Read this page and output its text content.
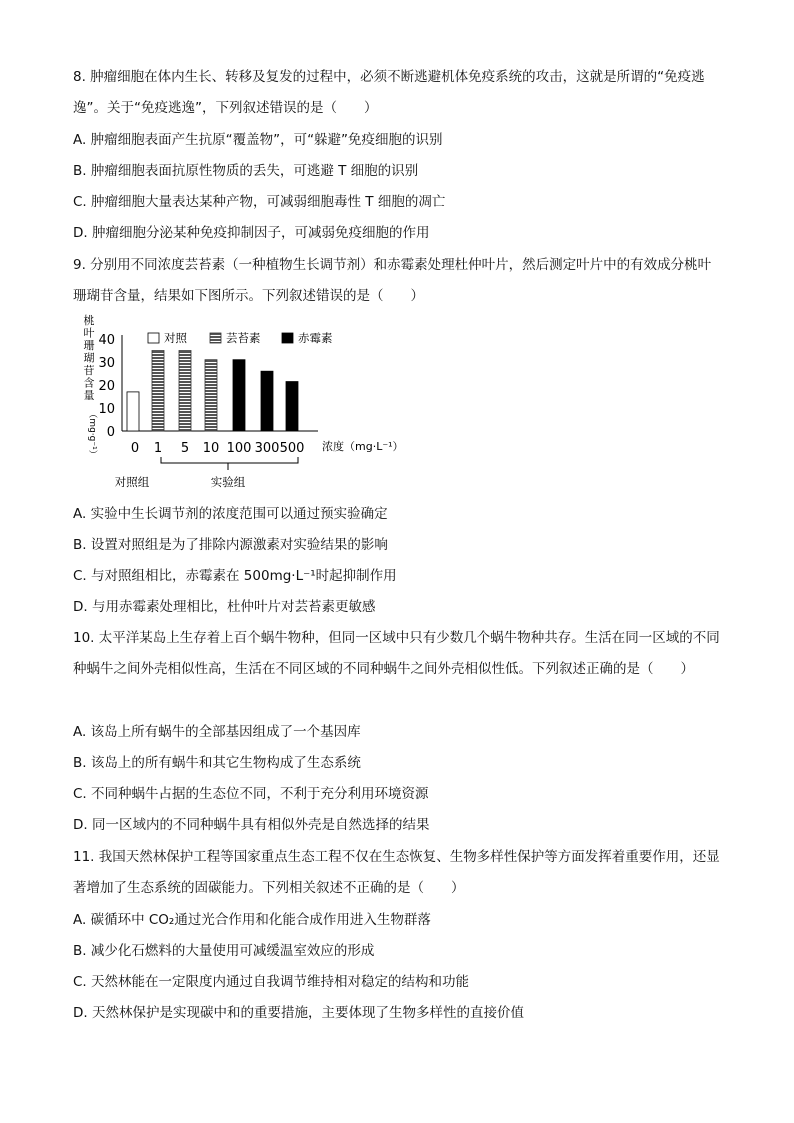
8. 肿瘤细胞在体内生长、转移及复发的过程中，必须不断逃避机体免疫系统的攻击，这就是所谓的“免疫逃逸”。关于“免疫逃逸”，下列叙述错误的是（　　）
A. 肿瘤细胞表面产生抗原“覆盖物”，可“躲避”免疫细胞的识别
B. 肿瘤细胞表面抗原性物质的丢失，可逃避 T 细胞的识别
C. 肿瘤细胞大量表达某种产物，可减弱细胞毒性 T 细胞的凋亡
D. 肿瘤细胞分泌某种免疫抑制因子，可减弱免疫细胞的作用
9. 分别用不同浓度芸苔素（一种植物生长调节剂）和赤霉素处理杜仲叶片，然后测定叶片中的有效成分桃叶珊瑚苷含量，结果如下图所示。下列叙述错误的是（　　）
桃
叶
珊
瑚
苷
含
量
（mg·g⁻¹） 0
10
20
30
40
0 1 5 10 100 300 500 浓度（mg·L⁻¹）
对照	芸苔素	赤霉素
对照组	实验组
A. 实验中生长调节剂的浓度范围可以通过预实验确定
B. 设置对照组是为了排除内源激素对实验结果的影响
C. 与对照组相比，赤霉素在 500mg·L⁻¹时起抑制作用
D. 与用赤霉素处理相比，杜仲叶片对芸苔素更敏感
10. 太平洋某岛上生存着上百个蜗牛物种，但同一区域中只有少数几个蜗牛物种共存。生活在同一区域的不同种蜗牛之间外壳相似性高，生活在不同区域的不同种蜗牛之间外壳相似性低。下列叙述正确的是（　　）
A. 该岛上所有蜗牛的全部基因组成了一个基因库
B. 该岛上的所有蜗牛和其它生物构成了生态系统
C. 不同种蜗牛占据的生态位不同，不利于充分利用环境资源
D. 同一区域内的不同种蜗牛具有相似外壳是自然选择的结果
11. 我国天然林保护工程等国家重点生态工程不仅在生态恢复、生物多样性保护等方面发挥着重要作用，还显著增加了生态系统的固碳能力。下列相关叙述不正确的是（　　）
A. 碳循环中 CO₂通过光合作用和化能合成作用进入生物群落
B. 减少化石燃料的大量使用可减缓温室效应的形成
C. 天然林能在一定限度内通过自我调节维持相对稳定的结构和功能
D. 天然林保护是实现碳中和的重要措施，主要体现了生物多样性的直接价值
